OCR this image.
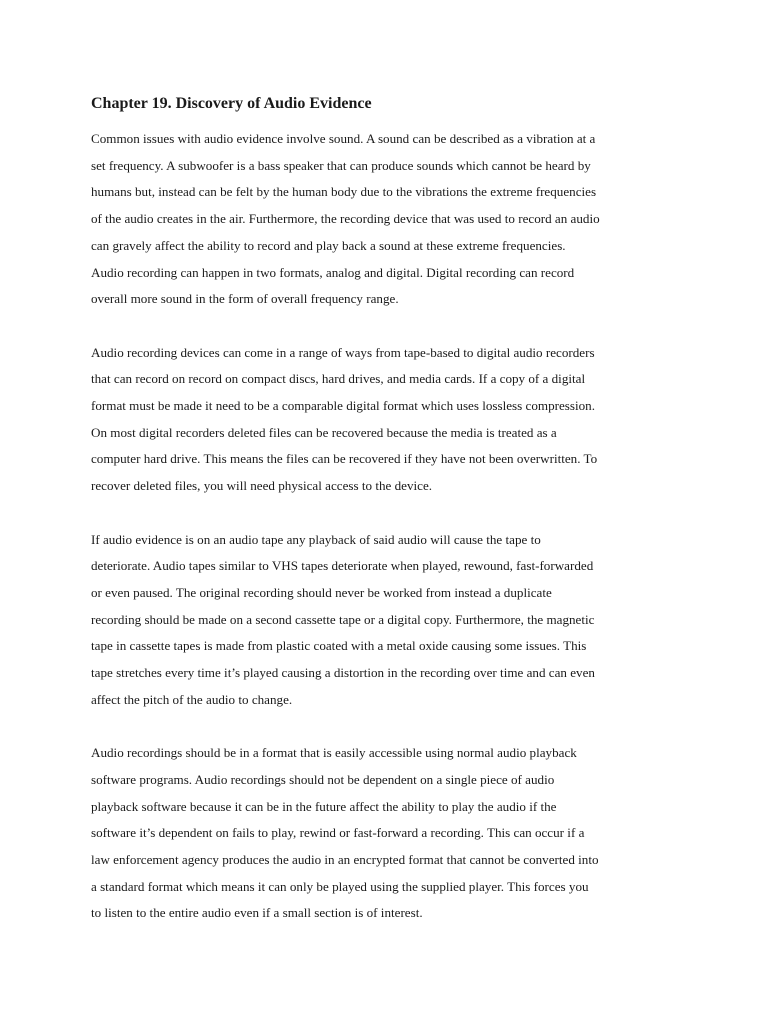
Chapter 19. Discovery of Audio Evidence
Common issues with audio evidence involve sound. A sound can be described as a vibration at a
set frequency. A subwoofer is a bass speaker that can produce sounds which cannot be heard by
humans but, instead can be felt by the human body due to the vibrations the extreme frequencies
of the audio creates in the air. Furthermore, the recording device that was used to record an audio
can gravely affect the ability to record and play back a sound at these extreme frequencies.
Audio recording can happen in two formats, analog and digital. Digital recording can record
overall more sound in the form of overall frequency range.
Audio recording devices can come in a range of ways from tape-based to digital audio recorders
that can record on record on compact discs, hard drives, and media cards. If a copy of a digital
format must be made it need to be a comparable digital format which uses lossless compression.
On most digital recorders deleted files can be recovered because the media is treated as a
computer hard drive. This means the files can be recovered if they have not been overwritten. To
recover deleted files, you will need physical access to the device.
If audio evidence is on an audio tape any playback of said audio will cause the tape to
deteriorate. Audio tapes similar to VHS tapes deteriorate when played, rewound, fast-forwarded
or even paused. The original recording should never be worked from instead a duplicate
recording should be made on a second cassette tape or a digital copy. Furthermore, the magnetic
tape in cassette tapes is made from plastic coated with a metal oxide causing some issues. This
tape stretches every time it’s played causing a distortion in the recording over time and can even
affect the pitch of the audio to change.
Audio recordings should be in a format that is easily accessible using normal audio playback
software programs. Audio recordings should not be dependent on a single piece of audio
playback software because it can be in the future affect the ability to play the audio if the
software it’s dependent on fails to play, rewind or fast-forward a recording. This can occur if a
law enforcement agency produces the audio in an encrypted format that cannot be converted into
a standard format which means it can only be played using the supplied player. This forces you
to listen to the entire audio even if a small section is of interest.
